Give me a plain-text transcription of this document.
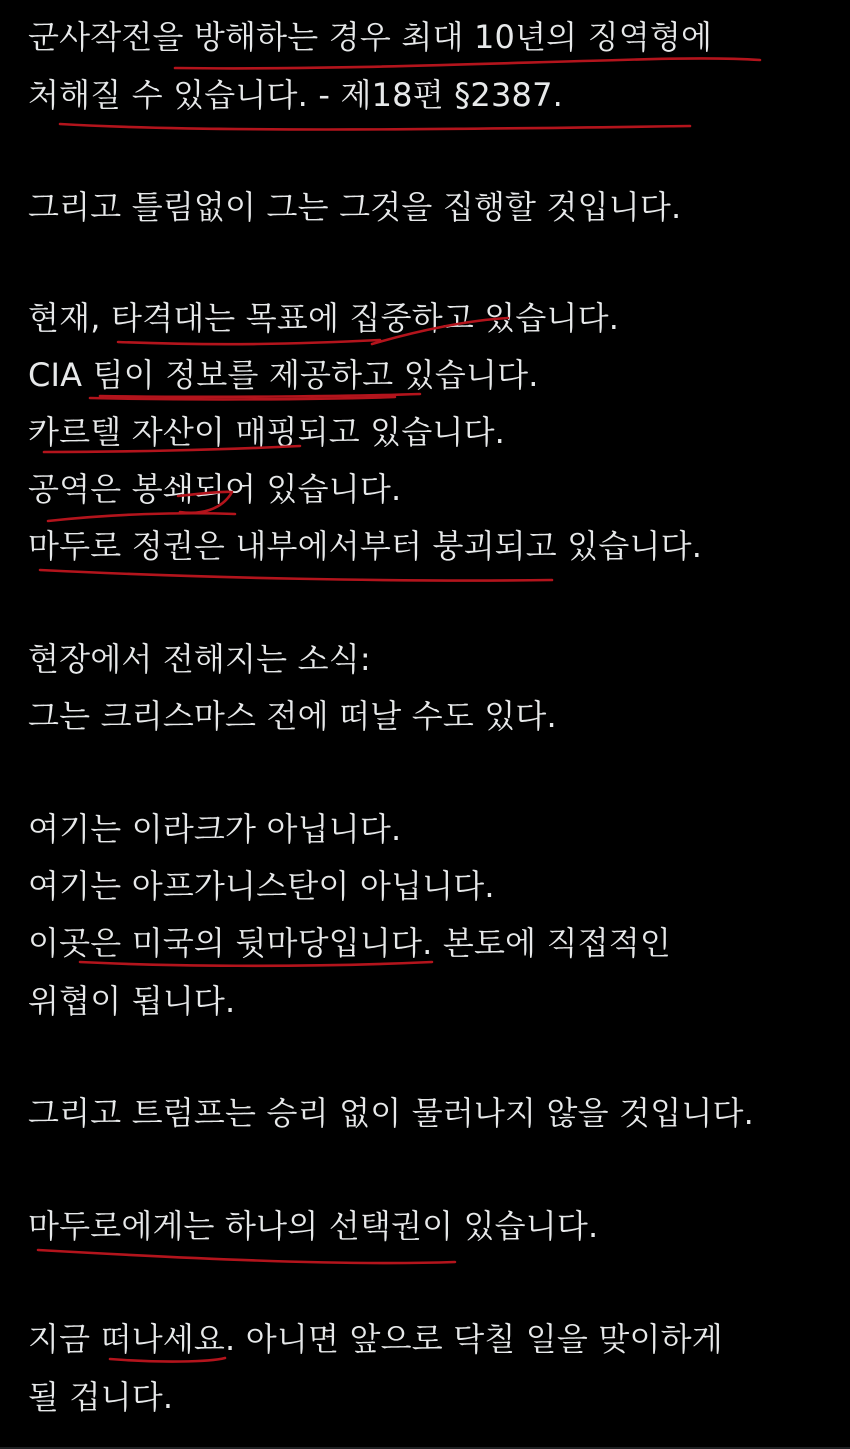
군사작전을 방해하는 경우 최대 10년의 징역형에

처해질 수 있습니다. - 제18편 §2387.

그리고 틀림없이 그는 그것을 집행할 것입니다.

현재, 타격대는 목표에 집중하고 있습니다.

CIA 팀이 정보를 제공하고 있습니다.

카르텔 자산이 매핑되고 있습니다.

공역은 봉쇄되어 있습니다.

마두로 정권은 내부에서부터 붕괴되고 있습니다.

현장에서 전해지는 소식:

그는 크리스마스 전에 떠날 수도 있다.

여기는 이라크가 아닙니다.

여기는 아프가니스탄이 아닙니다.

이곳은 미국의 뒷마당입니다. 본토에 직접적인

위협이 됩니다.

그리고 트럼프는 승리 없이 물러나지 않을 것입니다.

마두로에게는 하나의 선택권이 있습니다.

지금 떠나세요. 아니면 앞으로 닥칠 일을 맞이하게

될 겁니다.
